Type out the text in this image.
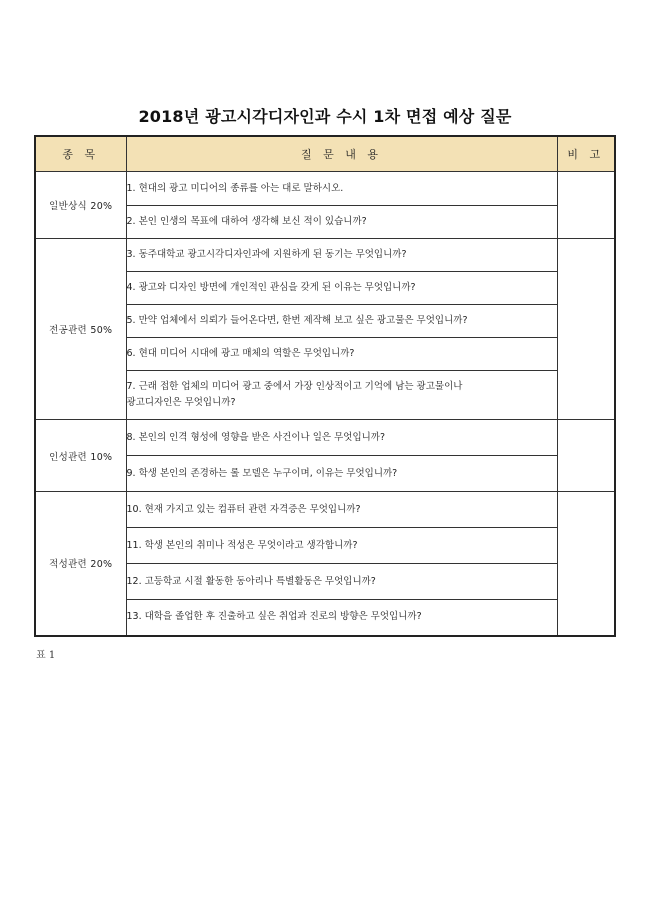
2018년 광고시각디자인과 수시 1차 면접 예상 질문
종 목	질 문 내 용	비 고
일반상식 20%	1. 현대의 광고 미디어의 종류를 아는 대로 말하시오.	
	2. 본인 인생의 목표에 대하여 생각해 보신 적이 있습니까?	
전공관련 50%	3. 동주대학교 광고시각디자인과에 지원하게 된 동기는 무엇입니까?	
	4. 광고와 디자인 방면에 개인적인 관심을 갖게 된 이유는 무엇입니까?	
	5. 만약 업체에서 의뢰가 들어온다면, 한번 제작해 보고 싶은 광고물은 무엇입니까?	
	6. 현대 미디어 시대에 광고 매체의 역할은 무엇입니까?	
	7. 근래 접한 업체의 미디어 광고 중에서 가장 인상적이고 기억에 남는 광고물이나
광고디자인은 무엇입니까?	
인성관련 10%	8. 본인의 인격 형성에 영향을 받은 사건이나 일은 무엇입니까?	
	9. 학생 본인의 존경하는 롤 모델은 누구이며, 이유는 무엇입니까?	
적성관련 20%	10. 현재 가지고 있는 컴퓨터 관련 자격증은 무엇입니까?	
	11. 학생 본인의 취미나 적성은 무엇이라고 생각합니까?	
	12. 고등학교 시절 활동한 동아리나 특별활동은 무엇입니까?	
	13. 대학을 졸업한 후 진출하고 싶은 취업과 진로의 방향은 무엇입니까?	
표 1
